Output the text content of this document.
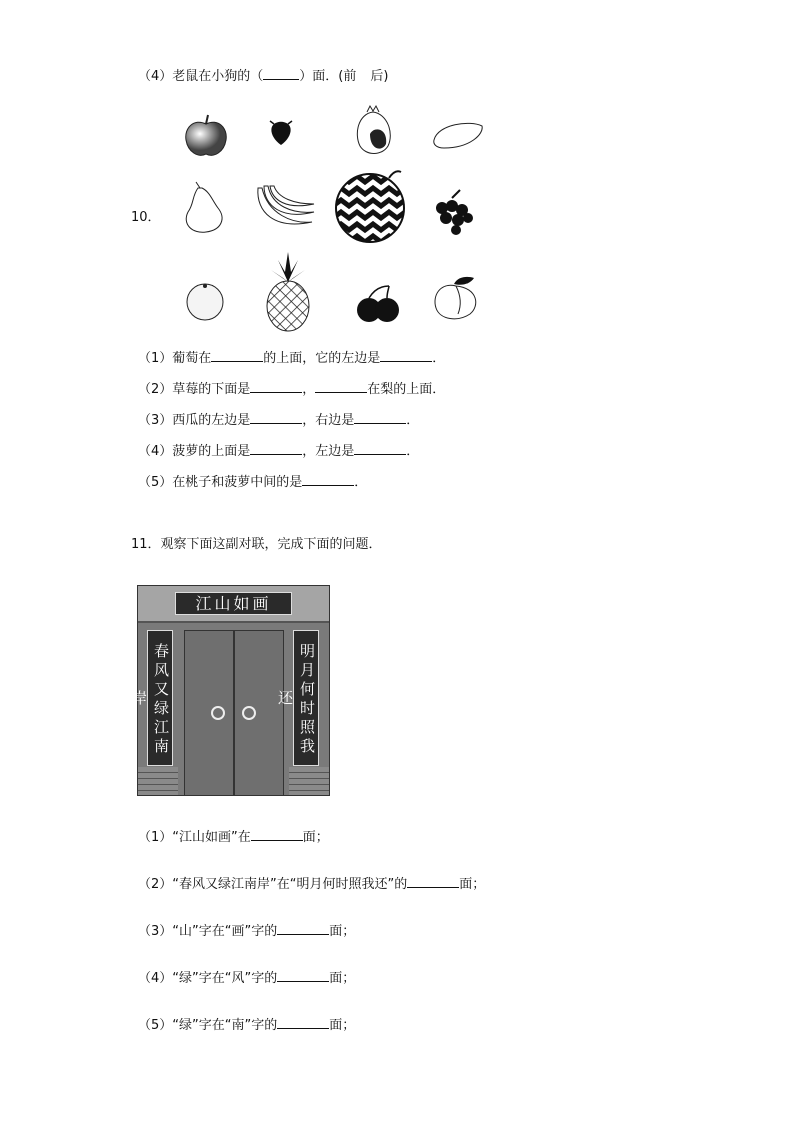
（4）老鼠在小狗的（	）面．(前 后)
10．
（1）葡萄在	的上面，它的左边是	．
（2）草莓的下面是	，	在梨的上面．
（3）西瓜的左边是	，右边是	．
（4）菠萝的上面是	，左边是	．
（5）在桃子和菠萝中间的是	．
11．观察下面这副对联，完成下面的问题．
江山如画
春风又绿江南岸	明月何时照我还
（1）“江山如画”在	面；
（2）“春风又绿江南岸”在“明月何时照我还”的	面；
（3）“山”字在“画”字的	面；
（4）“绿”字在“风”字的	面；
（5）“绿”字在“南”字的	面；
